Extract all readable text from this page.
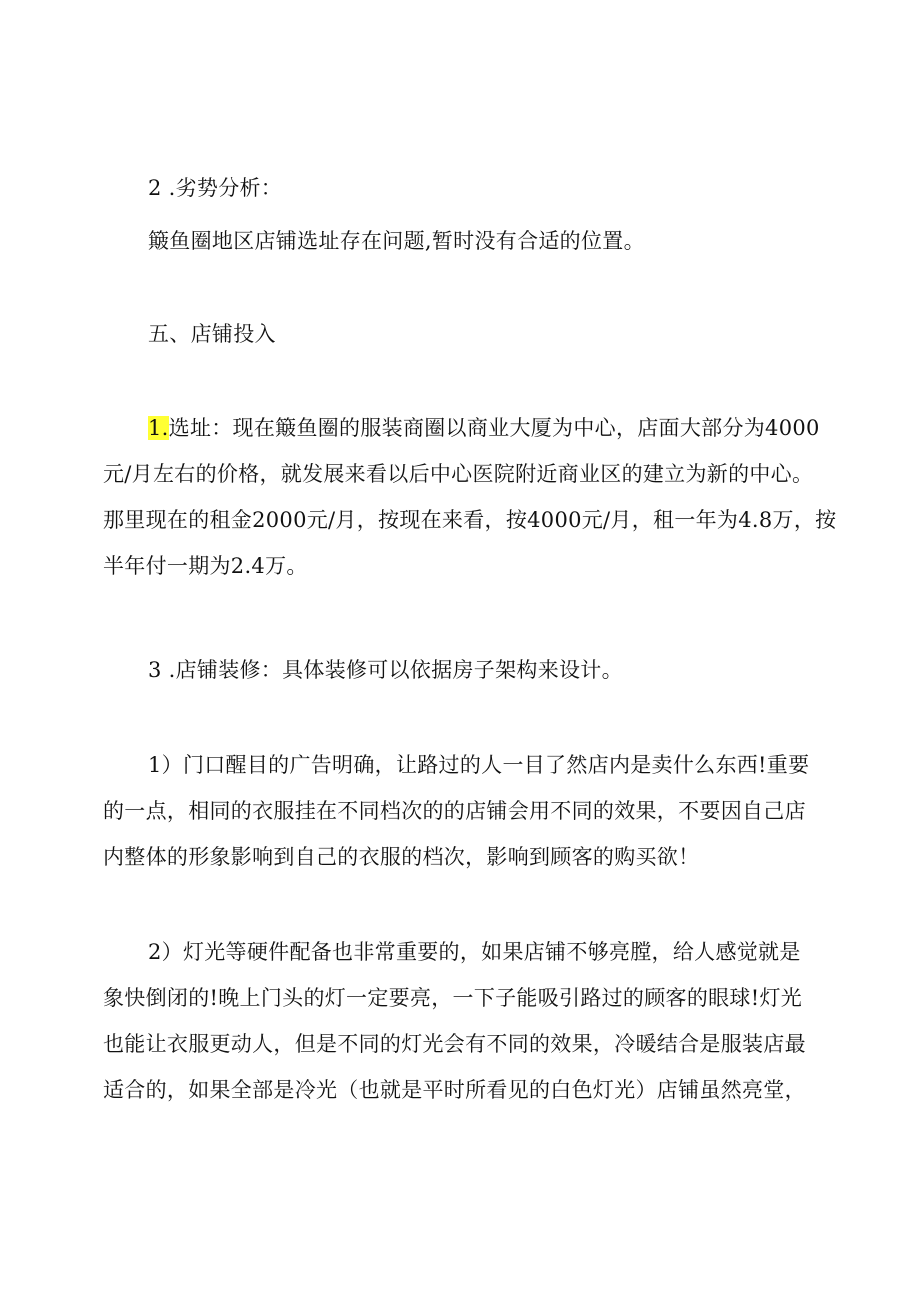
2 .劣势分析：
簸鱼圈地区店铺选址存在问题,暂时没有合适的位置。
五、店铺投入
1.选址：现在簸鱼圈的服装商圈以商业大厦为中心，店面大部分为4000
元/月左右的价格，就发展来看以后中心医院附近商业区的建立为新的中心。
那里现在的租金2000元/月，按现在来看，按4000元/月，租一年为4.8万，按
半年付一期为2.4万。
3 .店铺装修：具体装修可以依据房子架构来设计。
1）门口醒目的广告明确，让路过的人一目了然店内是卖什么东西!重要
的一点，相同的衣服挂在不同档次的的店铺会用不同的效果，不要因自己店
内整体的形象影响到自己的衣服的档次，影响到顾客的购买欲！
2）灯光等硬件配备也非常重要的，如果店铺不够亮膛，给人感觉就是
象快倒闭的!晚上门头的灯一定要亮，一下子能吸引路过的顾客的眼球!灯光
也能让衣服更动人，但是不同的灯光会有不同的效果，冷暖结合是服装店最
适合的，如果全部是冷光（也就是平时所看见的白色灯光）店铺虽然亮堂，
